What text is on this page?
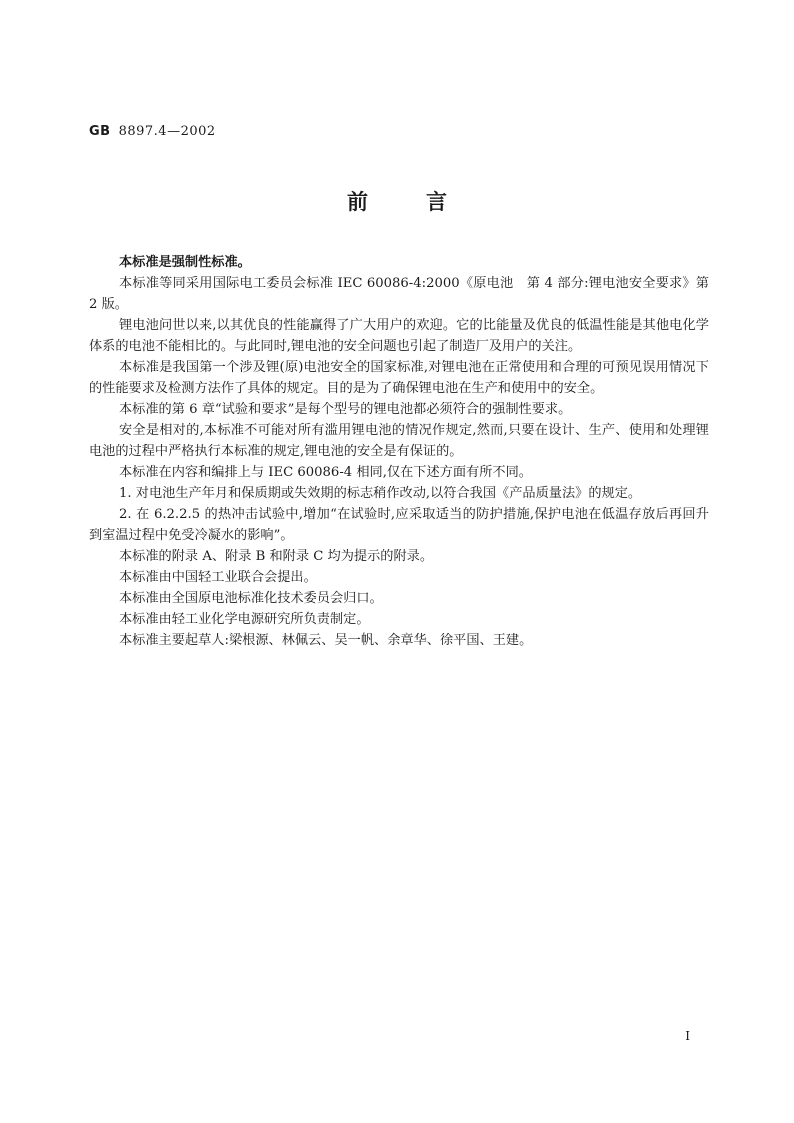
GB 8897.4—2002
前言

本标准是强制性标准。

本标准等同采用国际电工委员会标准 IEC 60086-4:2000《原电池　第 4 部分:锂电池安全要求》第 2 版。

锂电池问世以来,以其优良的性能赢得了广大用户的欢迎。它的比能量及优良的低温性能是其他电化学体系的电池不能相比的。与此同时,锂电池的安全问题也引起了制造厂及用户的关注。

本标准是我国第一个涉及锂(原)电池安全的国家标准,对锂电池在正常使用和合理的可预见误用情况下的性能要求及检测方法作了具体的规定。目的是为了确保锂电池在生产和使用中的安全。

本标准的第 6 章“试验和要求”是每个型号的锂电池都必须符合的强制性要求。

安全是相对的,本标准不可能对所有滥用锂电池的情况作规定,然而,只要在设计、生产、使用和处理锂电池的过程中严格执行本标准的规定,锂电池的安全是有保证的。

本标准在内容和编排上与 IEC 60086-4 相同,仅在下述方面有所不同。

1. 对电池生产年月和保质期或失效期的标志稍作改动,以符合我国《产品质量法》的规定。

2. 在 6.2.2.5 的热冲击试验中,增加“在试验时,应采取适当的防护措施,保护电池在低温存放后再回升到室温过程中免受冷凝水的影响”。

本标准的附录 A、附录 B 和附录 C 均为提示的附录。

本标准由中国轻工业联合会提出。

本标准由全国原电池标准化技术委员会归口。

本标准由轻工业化学电源研究所负责制定。

本标准主要起草人:梁根源、林佩云、吴一帆、余章华、徐平国、王建。

I
